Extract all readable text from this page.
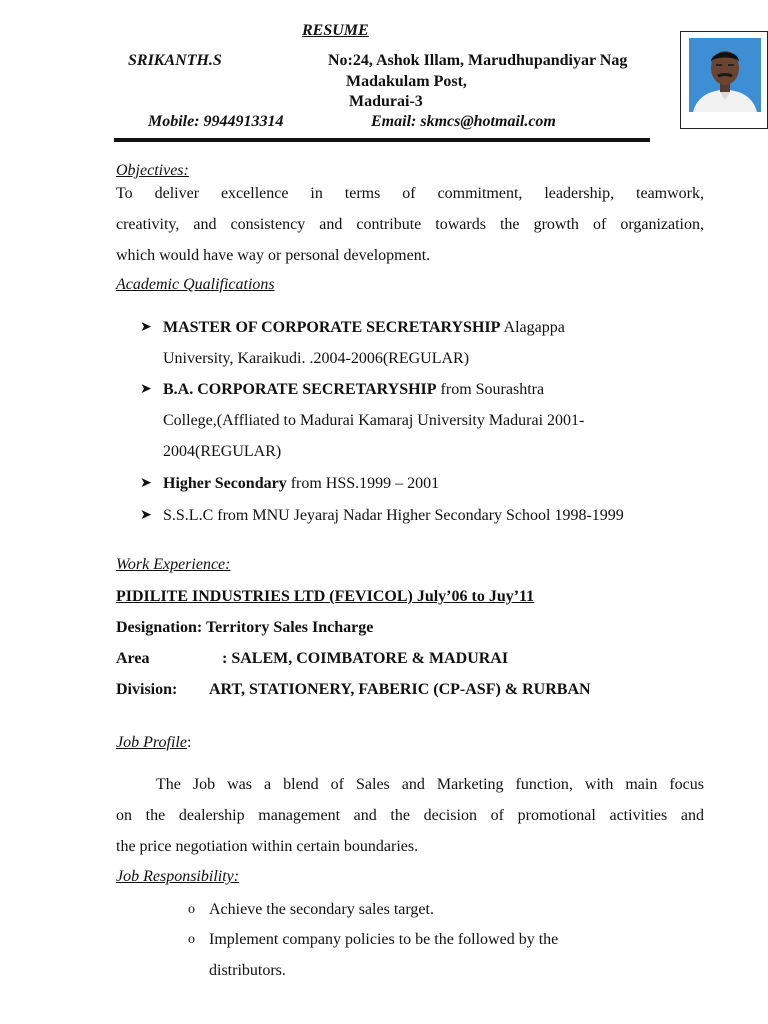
RESUME
SRIKANTH.S	No:24, Ashok Illam, Marudhupandiyar Nag
Madakulam Post,
Madurai-3
Mobile: 9944913314	Email: skmcs@hotmail.com
Objectives:
To deliver excellence in terms of commitment, leadership, teamwork,
creativity, and consistency and contribute towards the growth of organization,
which would have way or personal development.
Academic Qualifications
➤ MASTER OF CORPORATE SECRETARYSHIP Alagappa
University, Karaikudi. .2004-2006(REGULAR)
➤ B.A. CORPORATE SECRETARYSHIP from Sourashtra
College,(Affliated to Madurai Kamaraj University Madurai 2001-
2004(REGULAR)
➤ Higher Secondary from HSS.1999 – 2001
➤ S.S.L.C from MNU Jeyaraj Nadar Higher Secondary School 1998-1999
Work Experience:
PIDILITE INDUSTRIES LTD (FEVICOL) July’06 to Juy’11
Designation: Territory Sales Incharge
Area	: SALEM, COIMBATORE & MADURAI
Division: ART, STATIONERY, FABERIC (CP-ASF) & RURBAN
Job Profile:
The Job was a blend of Sales and Marketing function, with main focus
on the dealership management and the decision of promotional activities and
the price negotiation within certain boundaries.
Job Responsibility:
o Achieve the secondary sales target.
o Implement company policies to be the followed by the
distributors.
